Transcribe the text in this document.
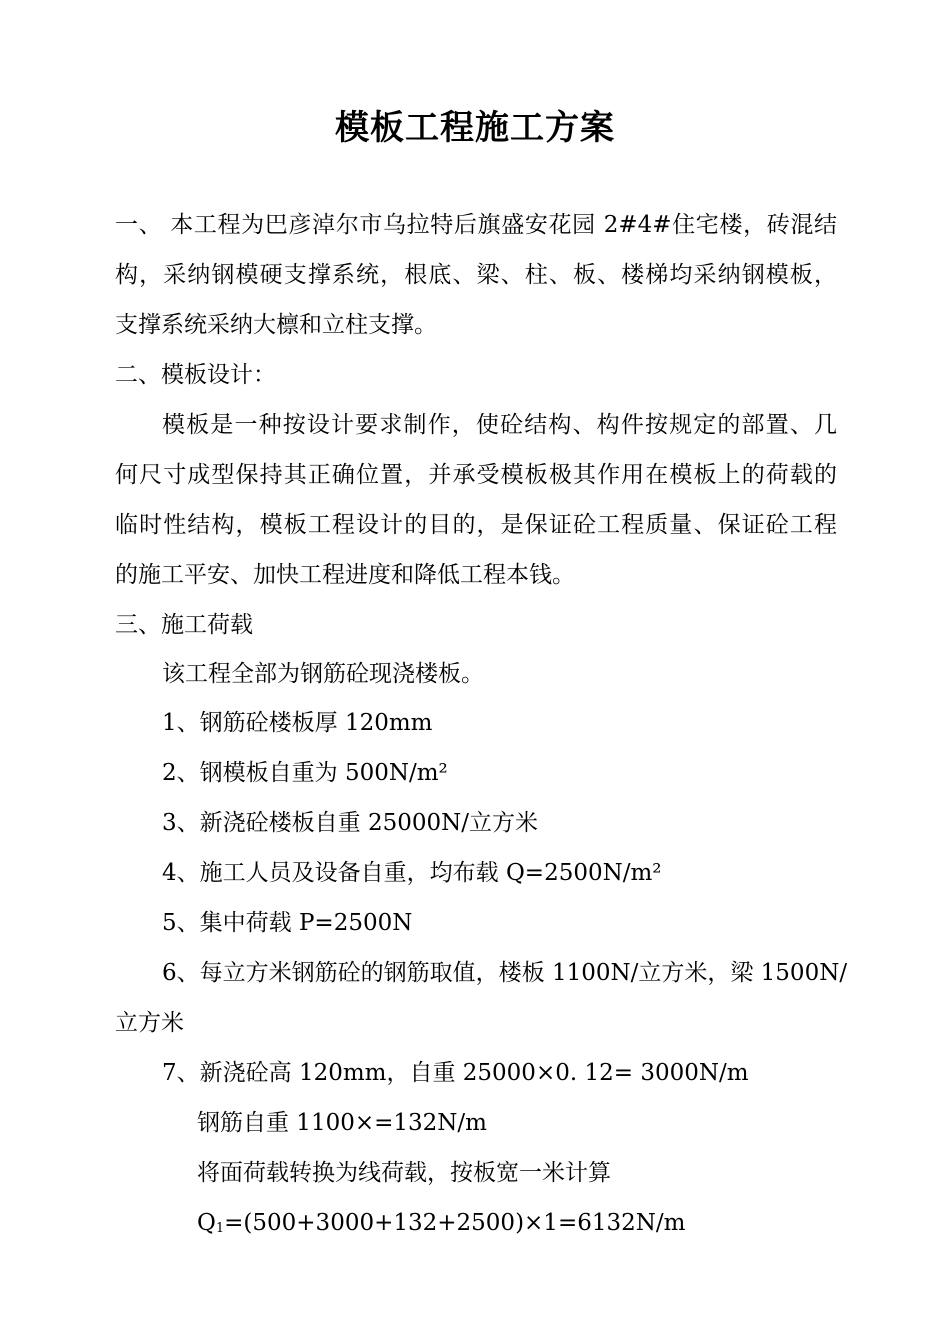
模板工程施工方案
一、 本工程为巴彦淖尔市乌拉特后旗盛安花园 2#4#住宅楼，砖混结
构，采纳钢模硬支撑系统，根底、梁、柱、板、楼梯均采纳钢模板，
支撑系统采纳大檩和立柱支撑。
二、模板设计：
模板是一种按设计要求制作，使砼结构、构件按规定的部置、几
何尺寸成型保持其正确位置，并承受模板极其作用在模板上的荷载的
临时性结构，模板工程设计的目的，是保证砼工程质量、保证砼工程
的施工平安、加快工程进度和降低工程本钱。
三、施工荷载
该工程全部为钢筋砼现浇楼板。
1、钢筋砼楼板厚 120mm
2、钢模板自重为 500N/m²
3、新浇砼楼板自重 25000N/立方米
4、施工人员及设备自重，均布载 Q=2500N/m²
5、集中荷载 P=2500N
6、每立方米钢筋砼的钢筋取值，楼板 1100N/立方米，梁 1500N/
立方米
7、新浇砼高 120mm，自重 25000×0. 12= 3000N/m
钢筋自重 1100×=132N/m
将面荷载转换为线荷载，按板宽一米计算
$Q_1=(500+3000+132+2500)\times 1=6132N/m$
